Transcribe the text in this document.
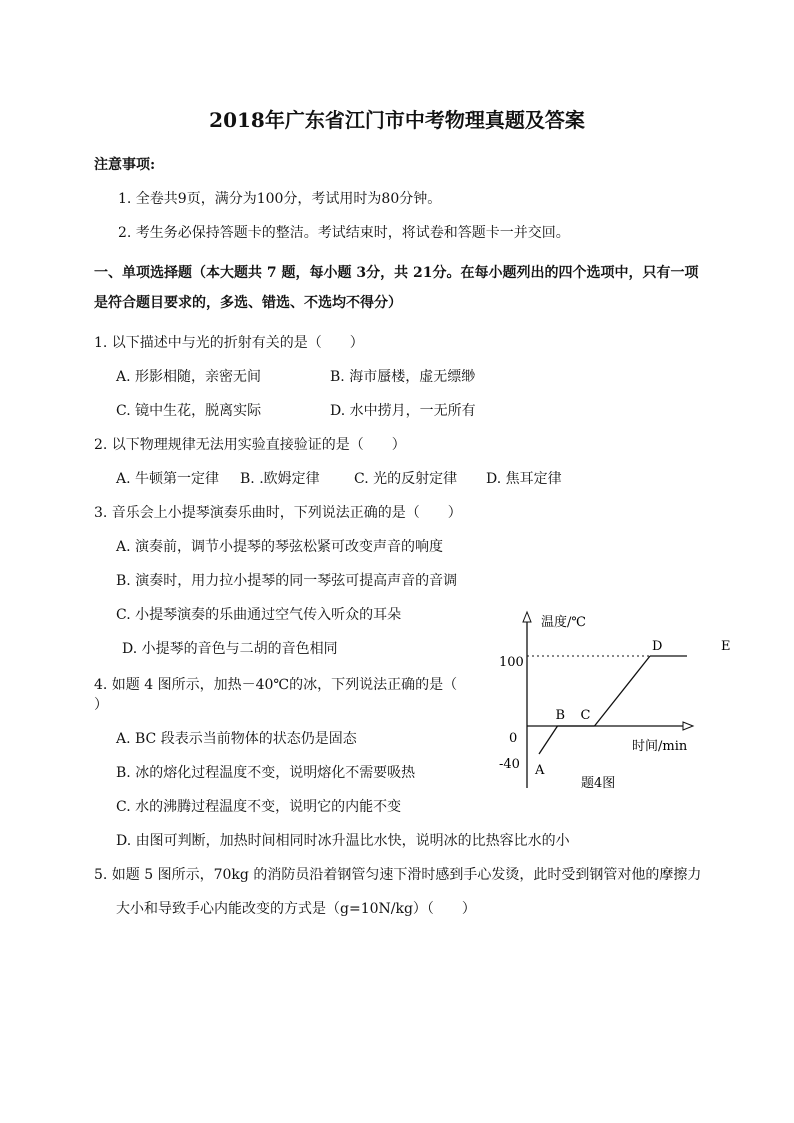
2018年广东省江门市中考物理真题及答案
注意事项:
1. 全卷共9页，满分为100分，考试用时为80分钟。
2. 考生务必保持答题卡的整洁。考试结束时，将试卷和答题卡一并交回。
一、单项选择题（本大题共 7 题，每小题 3分，共 21分。在每小题列出的四个选项中，只有一项
是符合题目要求的，多选、错选、不选均不得分）
1. 以下描述中与光的折射有关的是（　　）
A. 形影相随，亲密无间	B. 海市蜃楼，虚无缥缈
C. 镜中生花，脱离实际	D. 水中捞月，一无所有
2. 以下物理规律无法用实验直接验证的是（　　）
A. 牛顿第一定律 B. .欧姆定律 C. 光的反射定律 D. 焦耳定律
3. 音乐会上小提琴演奏乐曲时，下列说法正确的是（　　）
A. 演奏前，调节小提琴的琴弦松紧可改变声音的响度
B. 演奏时，用力拉小提琴的同一琴弦可提高声音的音调
C. 小提琴演奏的乐曲通过空气传入听众的耳朵
D. 小提琴的音色与二胡的音色相同
4. 如题 4 图所示，加热－40℃的冰，下列说法正确的是（
）
A. BC 段表示当前物体的状态仍是固态
B. 冰的熔化过程温度不变，说明熔化不需要吸热
C. 水的沸腾过程温度不变，说明它的内能不变
D. 由图可判断，加热时间相同时冰升温比水快，说明冰的比热容比水的小
5. 如题 5 图所示，70kg 的消防员沿着钢管匀速下滑时感到手心发烫，此时受到钢管对他的摩擦力
大小和导致手心内能改变的方式是（g=10N/kg）（　　）
温度/℃
时间/min
100
0
-40
题4图
A
B C
D	E
